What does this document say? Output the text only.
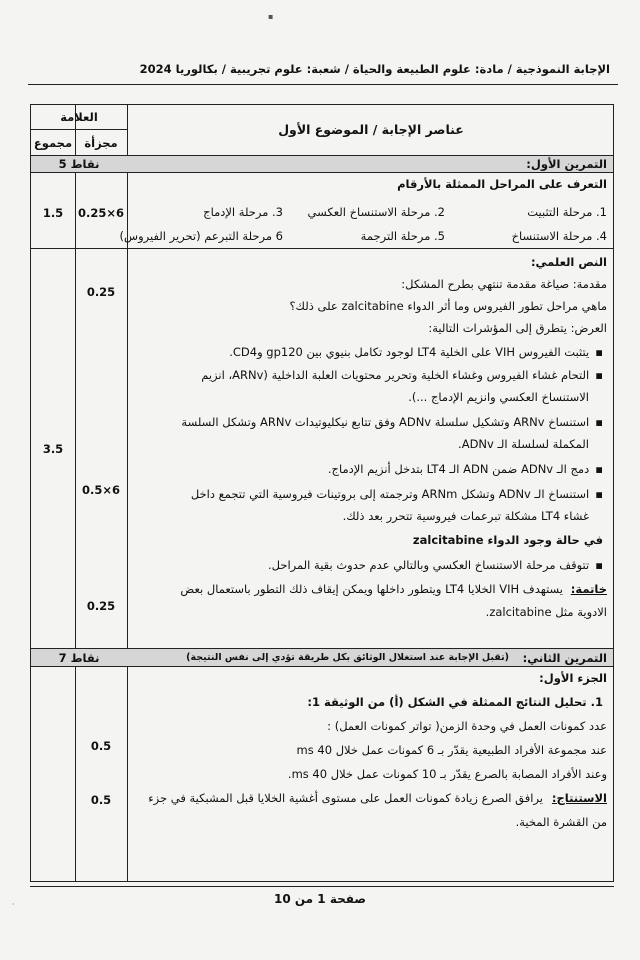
▪
الإجابة النموذجية / مادة: علوم الطبيعة والحياة / شعبة: علوم تجريبية / بكالوريا 2024
العلامة
مجزأة
مجموع
عناصر الإجابة / الموضوع الأول
التمرين الأول:
5 نقاط
التعرف على المراحل الممثلة بالأرقام
1. مرحلة التثبيت
2. مرحلة الاستنساخ العكسي
3. مرحلة الإدماج
4. مرحلة الاستنساخ
5. مرحلة الترجمة
6 مرحلة التبرعم (تحرير الفيروس)
0.25×6
1.5
النص العلمي:
مقدمة: صياغة مقدمة تنتهي بطرح المشكل:
ماهي مراحل تطور الفيروس وما أثر الدواء zalcitabine على ذلك؟
0.25
العرض: يتطرق إلى المؤشرات التالية:
▪ يتثبت الفيروس VIH على الخلية LT4 لوجود تكامل بنيوي بين gp120 وCD4.
▪ التحام غشاء الفيروس وغشاء الخلية وتحرير محتويات العلبة الداخلية (ARNv، انزيم
الاستنساخ العكسي وانزيم الإدماج ...).
▪ استنساخ ARNv وتشكيل سلسلة ADNv وفق تتابع نيكليوتيدات ARNv وتشكل السلسة
المكملة لسلسلة الـ ADNv.
▪ دمج الـ ADNv ضمن ADN الـ LT4 بتدخل أنزيم الإدماج.
▪ استنساخ الـ ADNv وتشكل ARNm وترجمته إلى بروتينات فيروسية التي تتجمع داخل
غشاء LT4 مشكلة تبرعمات فيروسية تتحرر بعد ذلك.
في حالة وجود الدواء zalcitabine
▪ تتوقف مرحلة الاستنساخ العكسي وبالتالي عدم حدوث بقية المراحل.
0.5×6
3.5
خاتمة:
يستهدف VIH الخلايا LT4 ويتطور داخلها ويمكن إيقاف ذلك التطور باستعمال بعض
الادوية مثل zalcitabine.
0.25
التمرين الثاني:
(تقبل الإجابة عند استغلال الوثائق بكل طريقة تؤدي إلى نفس النتيجة)
7 نقاط
الجزء الأول:
1. تحليل النتائج الممثلة في الشكل (أ) من الوثيقة 1:
عدد كمونات العمل في وحدة الزمن( تواتر كمونات العمل) :
عند مجموعة الأفراد الطبيعية يقدّر بـ 6 كمونات عمل خلال 40 ms
وعند الأفراد المصابة بالصرع يقدّر بـ 10 كمونات عمل خلال 40 ms.
0.5
الاستنتاج:
يرافق الصرع زيادة كمونات العمل على مستوى أغشية الخلايا قبل المشبكية في جزء
من القشرة المخية.
0.5
صفحة 1 من 10
·
